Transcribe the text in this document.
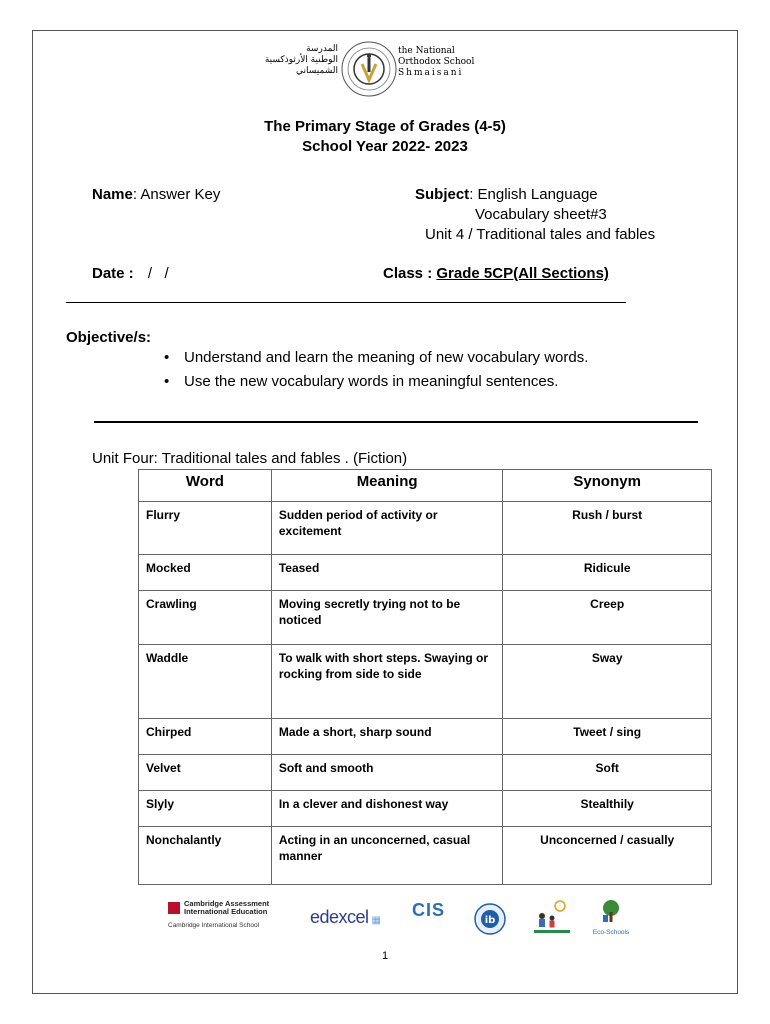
المدرسة
الوطنية الأرثوذكسية
الشميساني
the National
Orthodox School
Shmaisani
The Primary Stage of Grades (4-5)
School Year 2022- 2023
Name: Answer Key	Subject: English Language
Vocabulary sheet#3
Unit 4 / Traditional tales and fables
Date : /   /	Class : Grade 5CP(All Sections)
Objective/s:
• Understand and learn the meaning of new vocabulary words.
• Use the new vocabulary words in meaningful sentences.
Unit Four: Traditional tales and fables . (Fiction)
Word	Meaning	Synonym
Flurry	Sudden period of activity or excitement	Rush / burst
Mocked	Teased	Ridicule
Crawling	Moving secretly trying not to be noticed	Creep
Waddle	To walk with short steps. Swaying or rocking from side to side	Sway
Chirped	Made a short, sharp sound	Tweet / sing
Velvet	Soft and smooth	Soft
Slyly	In a clever and dishonest way	Stealthily
Nonchalantly	Acting in an unconcerned, casual manner	Unconcerned / casually
Cambridge Assessment
International Education
Cambridge International School	edexcel ▦
CIS
ib
Eco-Schools
1
